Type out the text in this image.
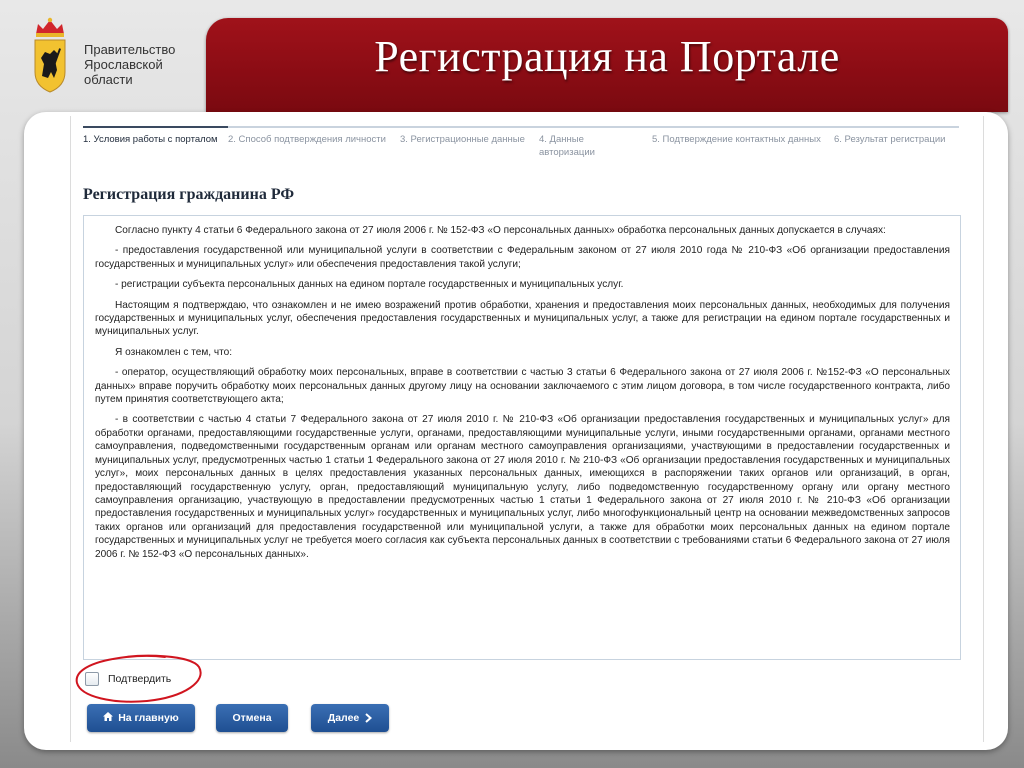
Правительство
Ярославской
области	Регистрация на Портале
1. Условия работы с порталом	2. Способ подтверждения личности	3. Регистрационные данные	4. Данные авторизации
5. Подтверждение контактных данных	6. Результат регистрации
Регистрация гражданина РФ

Согласно пункту 4 статьи 6 Федерального закона от 27 июля 2006 г. № 152-ФЗ «О персональных данных» обработка персональных данных допускается в случаях:

- предоставления государственной или муниципальной услуги в соответствии с Федеральным законом от 27 июля 2010 года № 210-ФЗ «Об организации предоставления государственных и муниципальных услуг» или обеспечения предоставления такой услуги;

- регистрации субъекта персональных данных на едином портале государственных и муниципальных услуг.

Настоящим я подтверждаю, что ознакомлен и не имею возражений против обработки, хранения и предоставления моих персональных данных, необходимых для получения государственных и муниципальных услуг, обеспечения предоставления государственных и муниципальных услуг, а также для регистрации на едином портале государственных и муниципальных услуг.

Я ознакомлен с тем, что:

- оператор, осуществляющий обработку моих персональных, вправе в соответствии с частью 3 статьи 6 Федерального закона от 27 июля 2006 г. №152-ФЗ «О персональных данных» вправе поручить обработку моих персональных данных другому лицу на основании заключаемого с этим лицом договора, в том числе государственного контракта, либо путем принятия соответствующего акта;

- в соответствии с частью 4 статьи 7 Федерального закона от 27 июля 2010 г. № 210-ФЗ «Об организации предоставления государственных и муниципальных услуг» для обработки органами, предоставляющими государственные услуги, органами, предоставляющими муниципальные услуги, иными государственными органами, органами местного самоуправления, подведомственными государственным органам или органам местного самоуправления организациями, участвующими в предоставлении государственных и муниципальных услуг, предусмотренных частью 1 статьи 1 Федерального закона от 27 июля 2010 г. № 210-ФЗ «Об организации предоставления государственных и муниципальных услуг», моих персональных данных в целях предоставления указанных персональных данных, имеющихся в распоряжении таких органов или организаций, в орган, предоставляющий государственную услугу, орган, предоставляющий муниципальную услугу, либо подведомственную государственному органу или органу местного самоуправления организацию, участвующую в предоставлении предусмотренных частью 1 статьи 1 Федерального закона от 27 июля 2010 г. № 210-ФЗ «Об организации предоставления государственных и муниципальных услуг» государственных и муниципальных услуг, либо многофункциональный центр на основании межведомственных запросов таких органов или организаций для предоставления государственной или муниципальной услуги, а также для обработки моих персональных данных на едином портале государственных и муниципальных услуг не требуется моего согласия как субъекта персональных данных в соответствии с требованиями статьи 6 Федерального закона от 27 июля 2006 г. № 152-ФЗ «О персональных данных».

Подтвердить
На главную	Отмена	Далее
